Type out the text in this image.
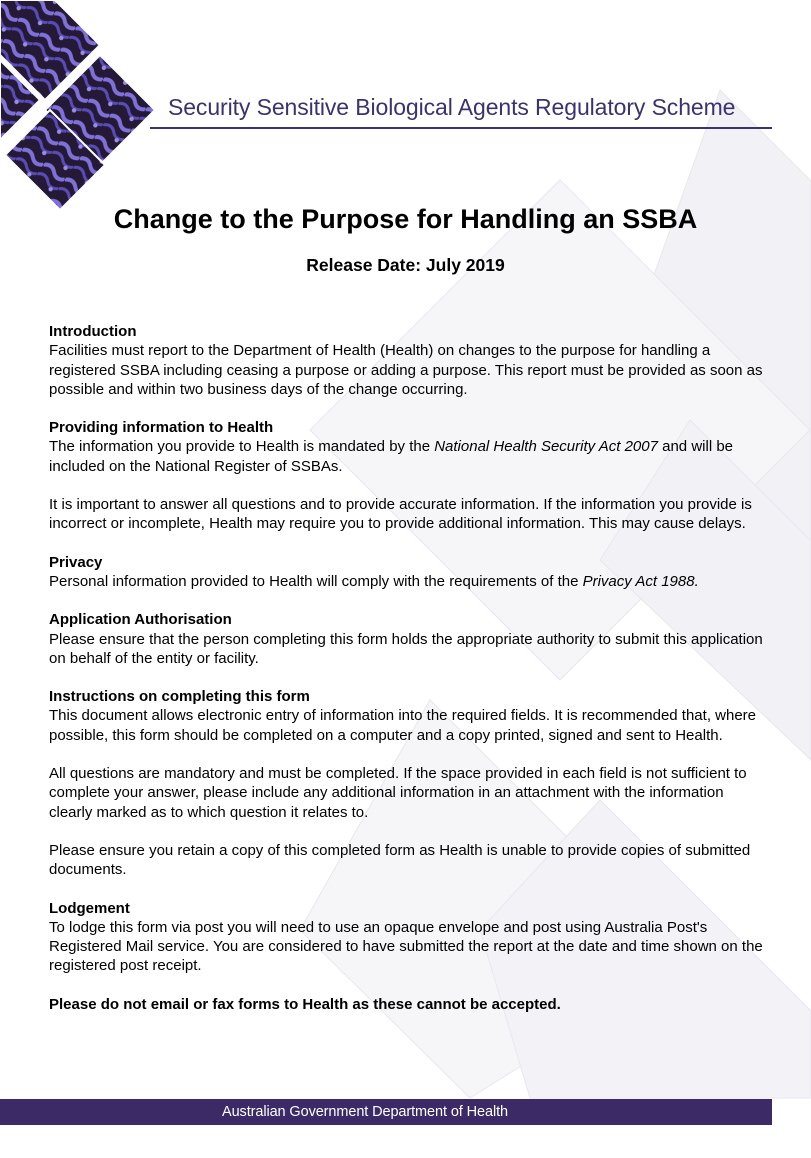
Security Sensitive Biological Agents Regulatory Scheme
Change to the Purpose for Handling an SSBA
Release Date: July 2019
Introduction

Facilities must report to the Department of Health (Health) on changes to the purpose for handling a registered SSBA including ceasing a purpose or adding a purpose. This report must be provided as soon as possible and within two business days of the change occurring.

Providing information to Health

The information you provide to Health is mandated by the National Health Security Act 2007 and will be included on the National Register of SSBAs.

It is important to answer all questions and to provide accurate information. If the information you provide is incorrect or incomplete, Health may require you to provide additional information. This may cause delays.

Privacy

Personal information provided to Health will comply with the requirements of the Privacy Act 1988.

Application Authorisation

Please ensure that the person completing this form holds the appropriate authority to submit this application on behalf of the entity or facility.

Instructions on completing this form

This document allows electronic entry of information into the required fields. It is recommended that, where possible, this form should be completed on a computer and a copy printed, signed and sent to Health.

All questions are mandatory and must be completed. If the space provided in each field is not sufficient to complete your answer, please include any additional information in an attachment with the information clearly marked as to which question it relates to.

Please ensure you retain a copy of this completed form as Health is unable to provide copies of submitted documents.

Lodgement

To lodge this form via post you will need to use an opaque envelope and post using Australia Post's Registered Mail service. You are considered to have submitted the report at the date and time shown on the registered post receipt.

Please do not email or fax forms to Health as these cannot be accepted.

Australian Government Department of Health
